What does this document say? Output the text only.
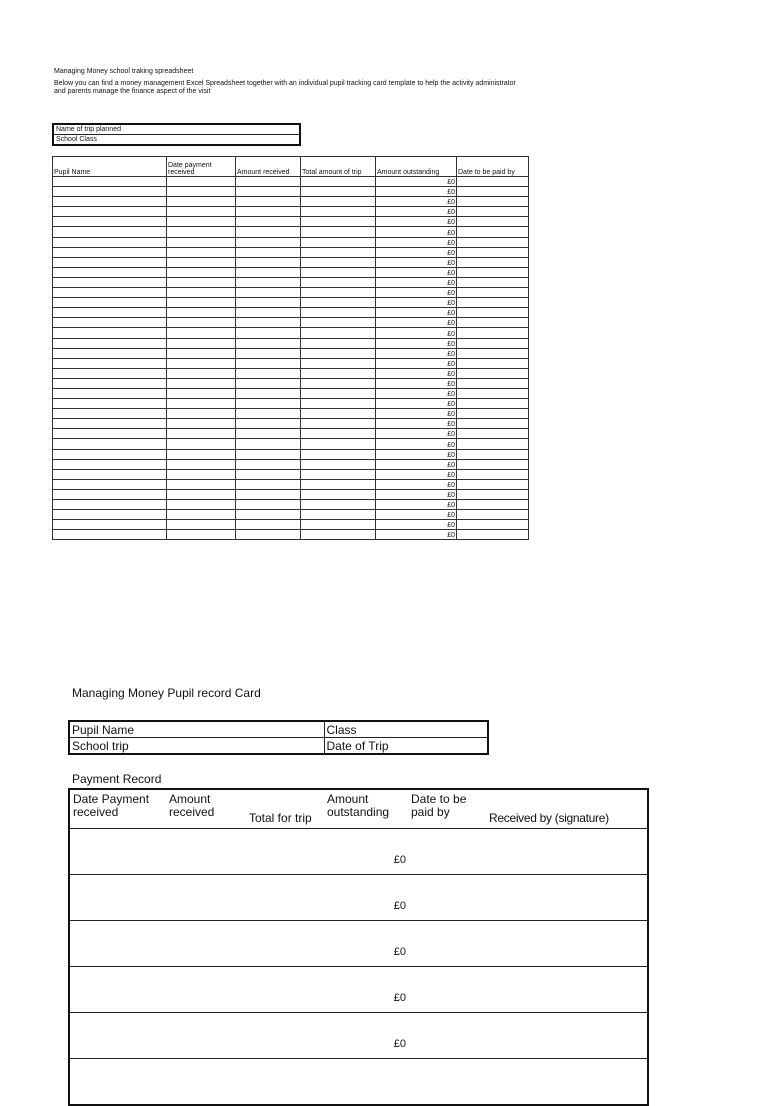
Managing Money school traking spreadsheet
Below you can find a money management Excel Spreadsheet together with an individual pupil tracking card template to help the activity administrator and parents manage the finance aspect of the visit
Name of trip planned
School Class
Pupil Name	Date payment received	Amount received	Total amount of trip	Amount outstanding	Date to be paid by
				£0	
				£0	
				£0	
				£0	
				£0	
				£0	
				£0	
				£0	
				£0	
				£0	
				£0	
				£0	
				£0	
				£0	
				£0	
				£0	
				£0	
				£0	
				£0	
				£0	
				£0	
				£0	
				£0	
				£0	
				£0	
				£0	
				£0	
				£0	
				£0	
				£0	
				£0	
				£0	
				£0	
				£0	
				£0	
				£0	
Managing Money Pupil record Card
Pupil Name	Class
School trip	Date of Trip
Payment Record
Date Payment received	Amount received	Total for trip	Amount outstanding	Date to be paid by	Received by (signature)
			£0		
			£0		
			£0		
			£0		
			£0		
